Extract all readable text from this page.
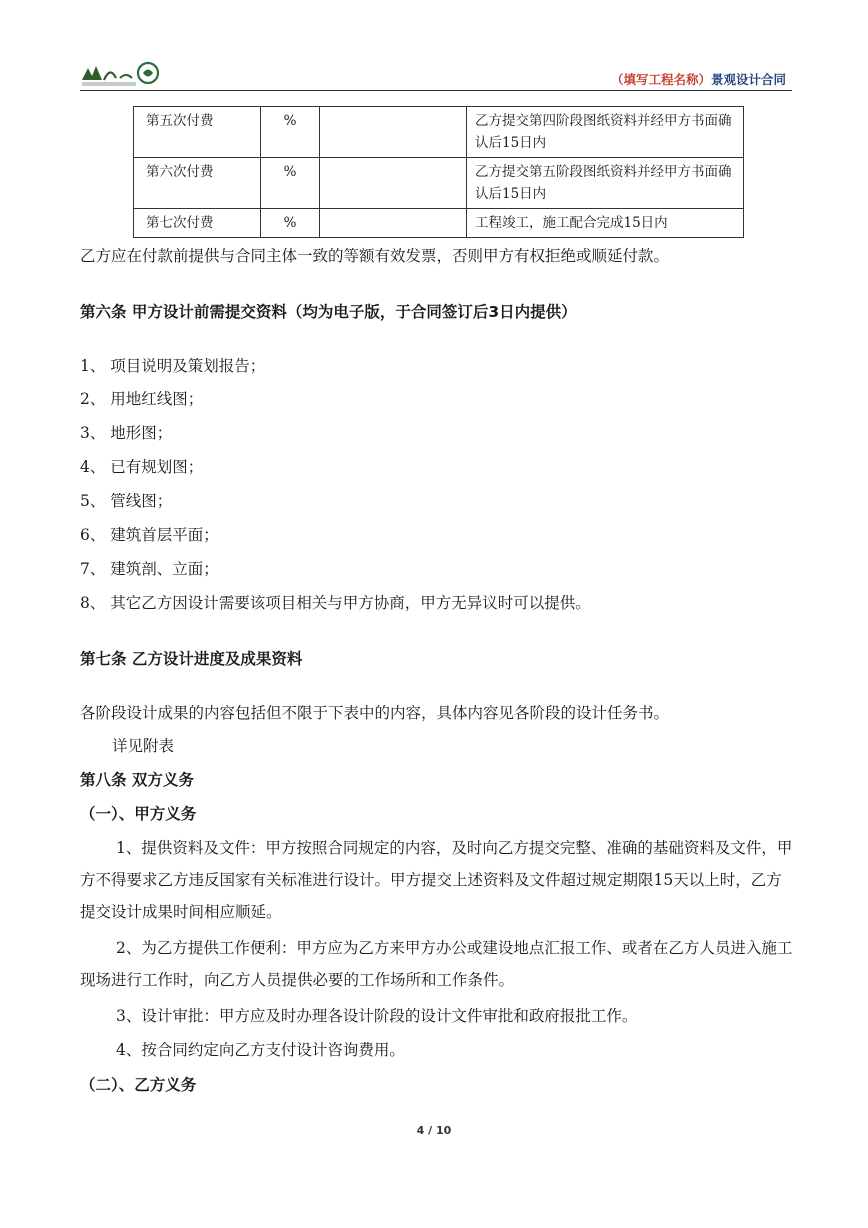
（填写工程名称）景观设计合同
第五次付费	%		乙方提交第四阶段图纸资料并经甲方书面确认后15日内
第六次付费	%		乙方提交第五阶段图纸资料并经甲方书面确认后15日内
第七次付费	%		工程竣工，施工配合完成15日内
乙方应在付款前提供与合同主体一致的等额有效发票，否则甲方有权拒绝或顺延付款。
第六条 甲方设计前需提交资料（均为电子版，于合同签订后3日内提供）
1、 项目说明及策划报告；
2、 用地红线图；
3、 地形图；
4、 已有规划图；
5、 管线图；
6、 建筑首层平面；
7、 建筑剖、立面；
8、 其它乙方因设计需要该项目相关与甲方协商，甲方无异议时可以提供。
第七条 乙方设计进度及成果资料
各阶段设计成果的内容包括但不限于下表中的内容，具体内容见各阶段的设计任务书。
详见附表
第八条 双方义务
（一）、甲方义务
1、提供资料及文件：甲方按照合同规定的内容，及时向乙方提交完整、准确的基础资料及文件，甲方不得要求乙方违反国家有关标准进行设计。甲方提交上述资料及文件超过规定期限15天以上时，乙方提交设计成果时间相应顺延。
2、为乙方提供工作便利：甲方应为乙方来甲方办公或建设地点汇报工作、或者在乙方人员进入施工现场进行工作时，向乙方人员提供必要的工作场所和工作条件。
3、设计审批：甲方应及时办理各设计阶段的设计文件审批和政府报批工作。
4、按合同约定向乙方支付设计咨询费用。
（二）、乙方义务
4 / 10
